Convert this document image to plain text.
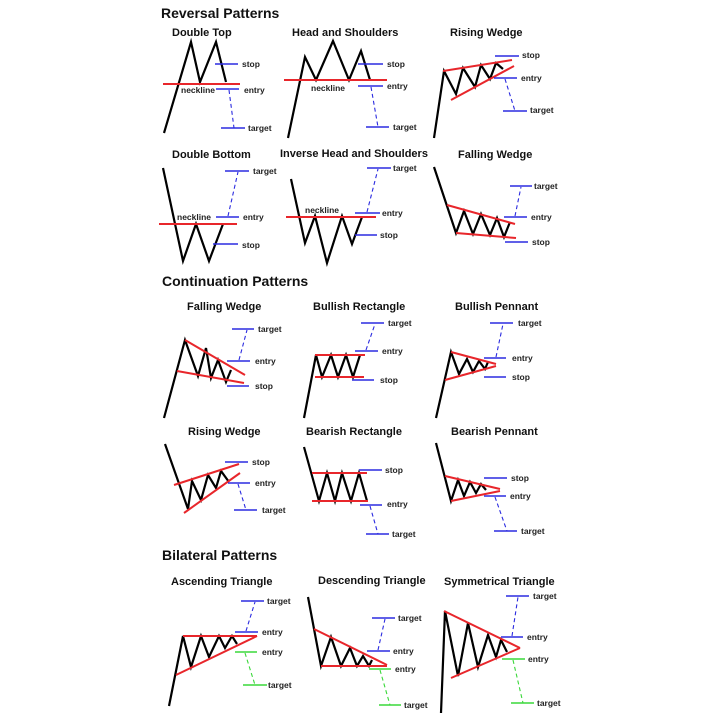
Reversal Patterns
Continuation Patterns
Bilateral Patterns
Double Top	Head and Shoulders	Rising Wedge
Double Bottom	Inverse Head and Shoulders	Falling Wedge
Falling Wedge	Bullish Rectangle	Bullish Pennant
Rising Wedge	Bearish Rectangle	Bearish Pennant
Ascending Triangle	Descending Triangle Symmetrical Triangle
stop
entry
target
neckline
stop
entry
target
neckline
stop
entry
target
target
entry
stop
neckline
target
entry
stop
neckline
target
entry
stop
target
entry
stop
target
entry
stop
target
entry
stop
stop
entry
target
stop
entry
target
stop
entry
target
target
entry
entry
target
target
entry
entry
target
target
entry
entry
target
